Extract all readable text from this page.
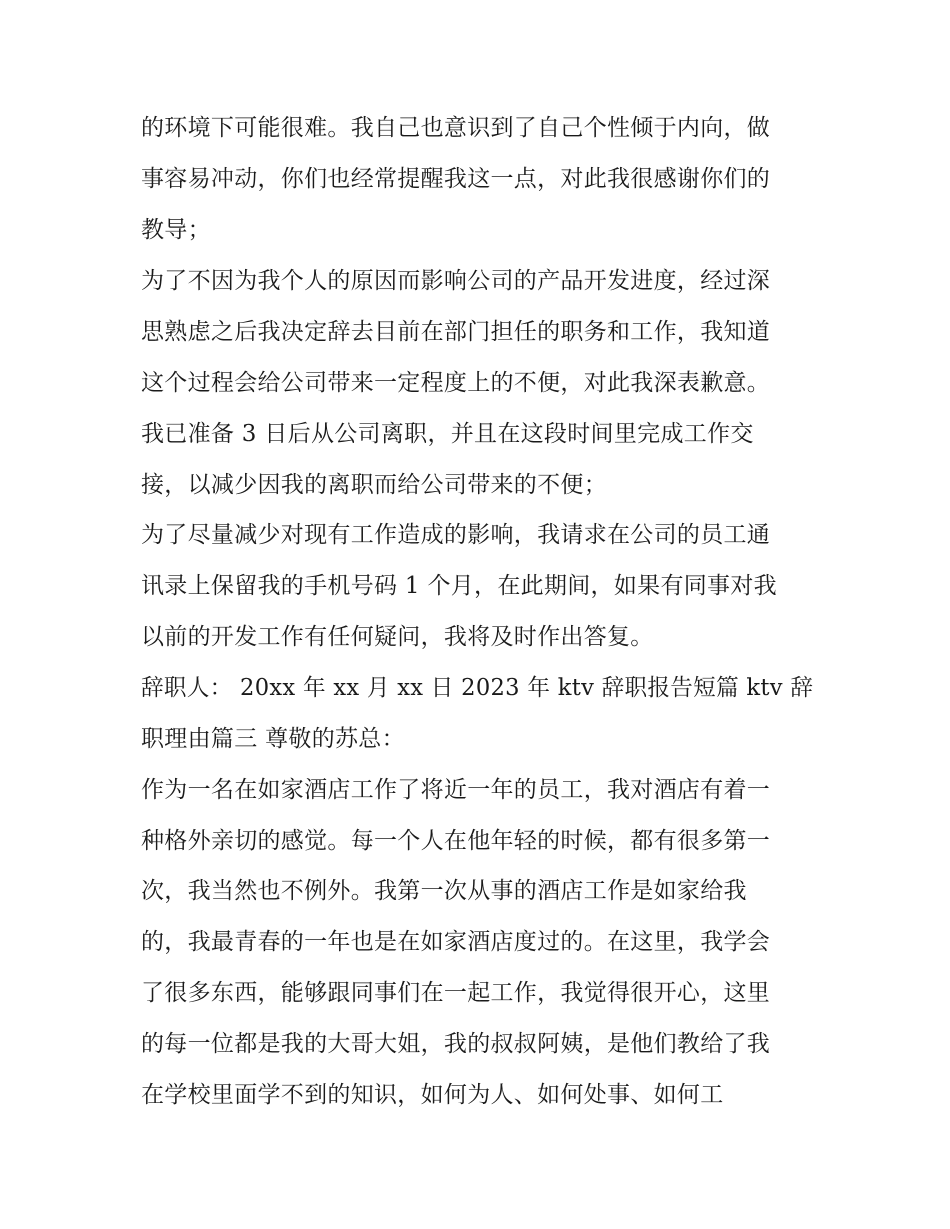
的环境下可能很难。我自己也意识到了自己个性倾于内向，做

事容易冲动，你们也经常提醒我这一点，对此我很感谢你们的

教导；

为了不因为我个人的原因而影响公司的产品开发进度，经过深

思熟虑之后我决定辞去目前在部门担任的职务和工作，我知道

这个过程会给公司带来一定程度上的不便，对此我深表歉意。

我已准备 3 日后从公司离职，并且在这段时间里完成工作交

接，以减少因我的离职而给公司带来的不便；

为了尽量减少对现有工作造成的影响，我请求在公司的员工通

讯录上保留我的手机号码 1 个月，在此期间，如果有同事对我

以前的开发工作有任何疑问，我将及时作出答复。

辞职人： 20xx 年 xx 月 xx 日 2023 年 ktv 辞职报告短篇 ktv 辞

职理由篇三 尊敬的苏总：

作为一名在如家酒店工作了将近一年的员工，我对酒店有着一

种格外亲切的感觉。每一个人在他年轻的时候，都有很多第一

次，我当然也不例外。我第一次从事的酒店工作是如家给我

的，我最青春的一年也是在如家酒店度过的。在这里，我学会

了很多东西，能够跟同事们在一起工作，我觉得很开心，这里

的每一位都是我的大哥大姐，我的叔叔阿姨，是他们教给了我

在学校里面学不到的知识，如何为人、如何处事、如何工
